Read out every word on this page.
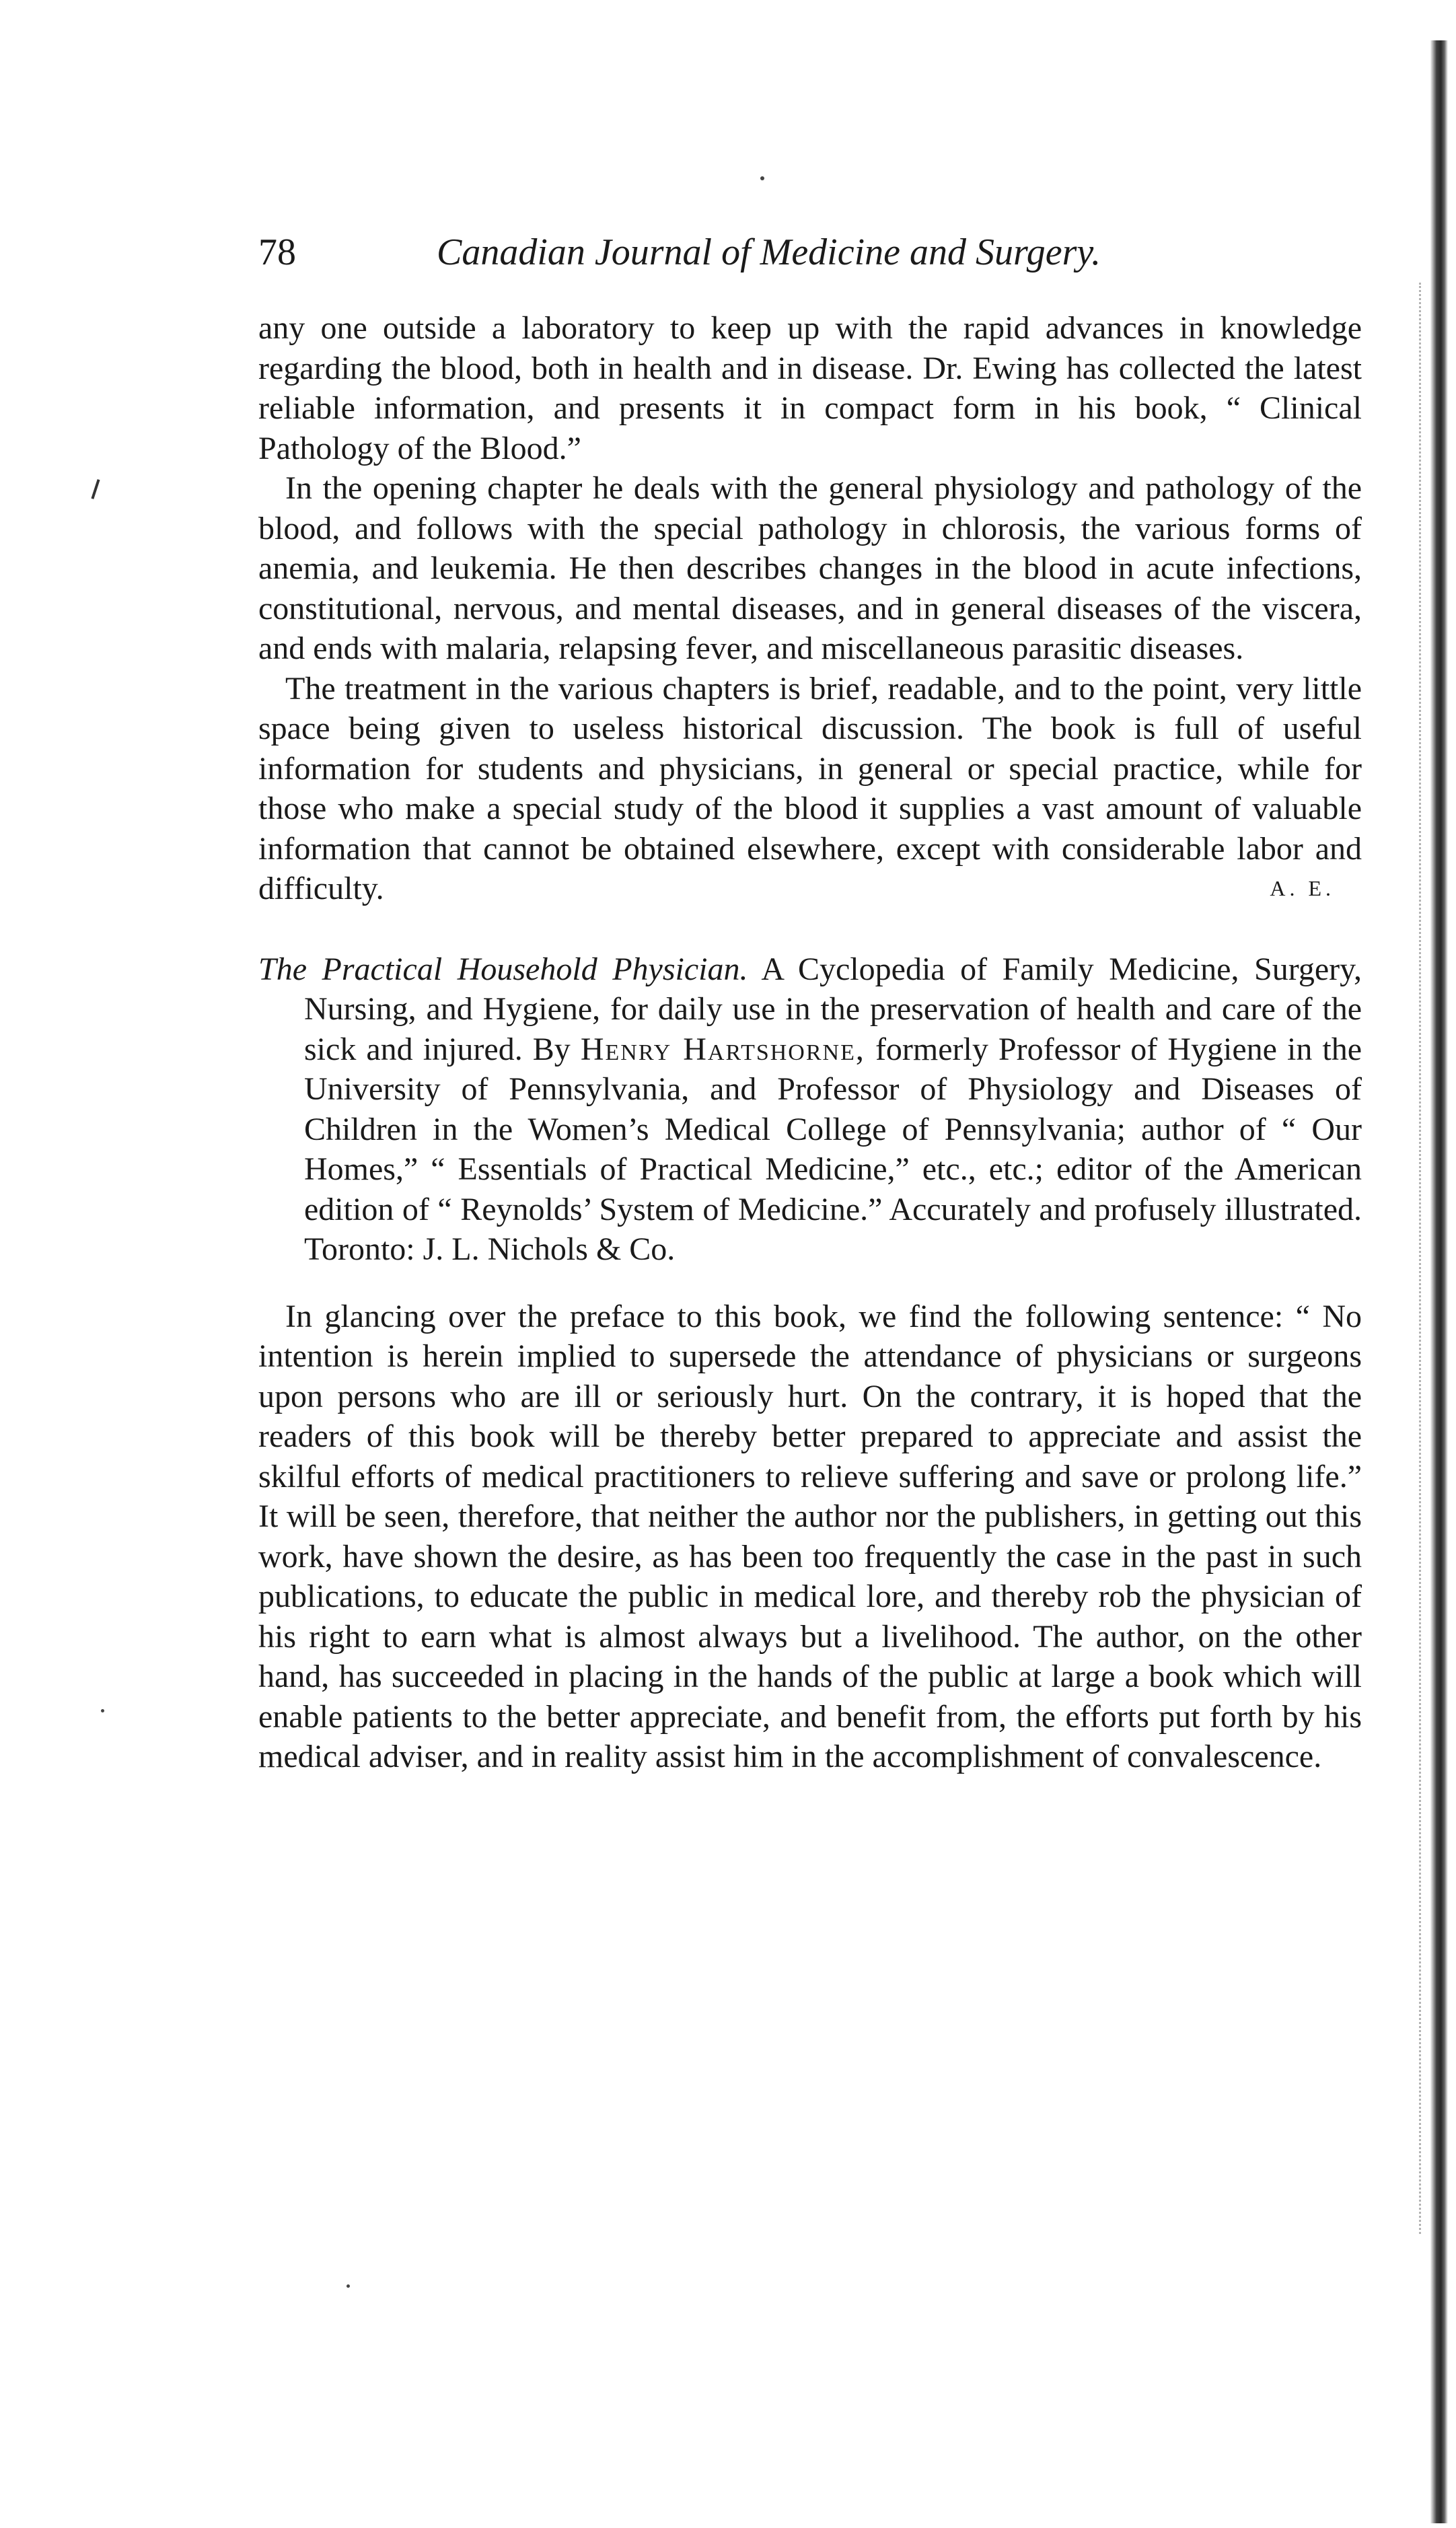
78	Canadian Journal of Medicine and Surgery.

any one outside a laboratory to keep up with the rapid advances in knowledge regarding the blood, both in health and in disease. Dr. Ewing has collected the latest reliable information, and presents it in compact form in his book, “ Clinical Pathology of the Blood.”

In the opening chapter he deals with the general physiology and pathology of the blood, and follows with the special pathology in chlorosis, the various forms of anemia, and leukemia. He then describes changes in the blood in acute infections, constitutional, nervous, and mental diseases, and in general diseases of the viscera, and ends with malaria, relapsing fever, and miscellaneous parasitic diseases.

The treatment in the various chapters is brief, readable, and to the point, very little space being given to useless historical discussion. The book is full of useful information for students and physicians, in general or special practice, while for those who make a special study of the blood it supplies a vast amount of valuable information that cannot be obtained elsewhere, except with considerable labor and difficulty.	A. E.

The Practical Household Physician. A Cyclopedia of Family Medicine, Surgery, Nursing, and Hygiene, for daily use in the preservation of health and care of the sick and injured. By Henry Hartshorne, formerly Professor of Hygiene in the University of Pennsylvania, and Professor of Physiology and Diseases of Children in the Women’s Medical College of Pennsylvania; author of “ Our Homes,” “ Essentials of Practical Medicine,” etc., etc.; editor of the American edition of “ Reynolds’ System of Medicine.” Accurately and profusely illustrated. Toronto: J. L. Nichols & Co.

In glancing over the preface to this book, we find the following sentence: “ No intention is herein implied to supersede the attendance of physicians or surgeons upon persons who are ill or seriously hurt. On the contrary, it is hoped that the readers of this book will be thereby better prepared to appreciate and assist the skilful efforts of medical practitioners to relieve suffering and save or prolong life.” It will be seen, therefore, that neither the author nor the publishers, in getting out this work, have shown the desire, as has been too frequently the case in the past in such publications, to educate the public in medical lore, and thereby rob the physician of his right to earn what is almost always but a livelihood. The author, on the other hand, has succeeded in placing in the hands of the public at large a book which will enable patients to the better appreciate, and benefit from, the efforts put forth by his medical adviser, and in reality assist him in the accomplishment of convalescence.
